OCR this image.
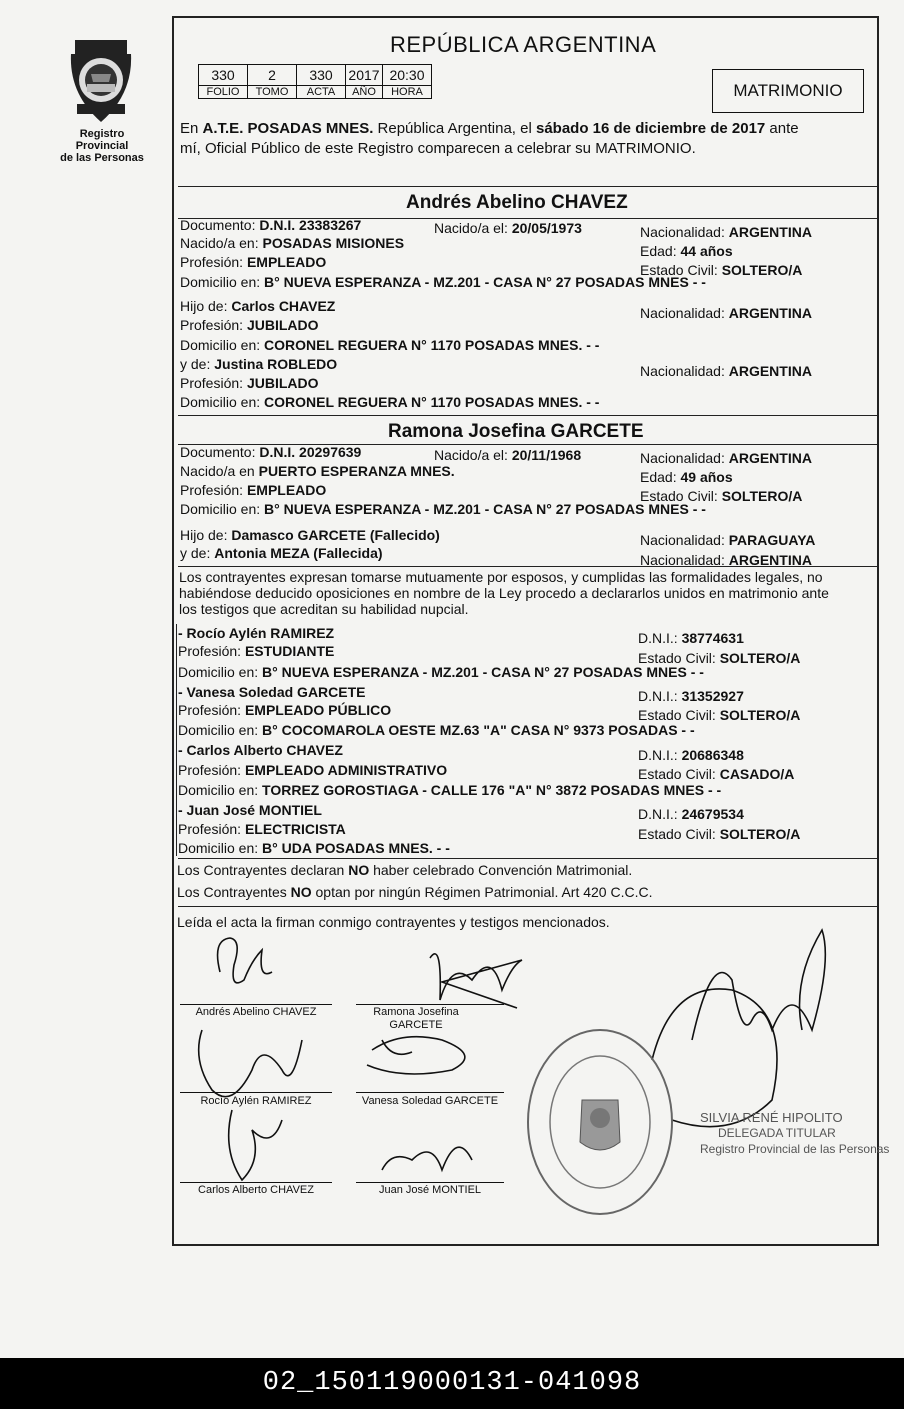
Registro Provincial
de las Personas
REPÚBLICA ARGENTINA
330	2	330	2017	20:30
FOLIO	TOMO	ACTA	AÑO	HORA	MATRIMONIO
En A.T.E. POSADAS MNES. República Argentina, el sábado 16 de diciembre de 2017 ante
mí, Oficial Público de este Registro comparecen a celebrar su MATRIMONIO.
Andrés Abelino CHAVEZ
Documento: D.N.I. 23383267	Nacido/a el: 20/05/1973	Nacionalidad: ARGENTINA
Nacido/a en: POSADAS MISIONES	Edad: 44 años
Profesión: EMPLEADO	Estado Civil: SOLTERO/A
Domicilio en: B° NUEVA ESPERANZA - MZ.201 - CASA N° 27 POSADAS MNES - -
Hijo de: Carlos CHAVEZ	Nacionalidad: ARGENTINA
Profesión: JUBILADO
Domicilio en: CORONEL REGUERA N° 1170 POSADAS MNES. - -
y de: Justina ROBLEDO	Nacionalidad: ARGENTINA
Profesión: JUBILADO
Domicilio en: CORONEL REGUERA N° 1170 POSADAS MNES. - -
Ramona Josefina GARCETE
Documento: D.N.I. 20297639	Nacido/a el: 20/11/1968	Nacionalidad: ARGENTINA
Nacido/a en PUERTO ESPERANZA MNES.	Edad: 49 años
Profesión: EMPLEADO	Estado Civil: SOLTERO/A
Domicilio en: B° NUEVA ESPERANZA - MZ.201 - CASA N° 27 POSADAS MNES - -
Hijo de: Damasco GARCETE (Fallecido)	Nacionalidad: PARAGUAYA
y de: Antonia MEZA (Fallecida)	Nacionalidad: ARGENTINA
Los contrayentes expresan tomarse mutuamente por esposos, y cumplidas las formalidades legales, no
habiéndose deducido oposiciones en nombre de la Ley procedo a declararlos unidos en matrimonio ante
los testigos que acreditan su habilidad nupcial.
- Rocío Aylén RAMIREZ	D.N.I.: 38774631
Profesión: ESTUDIANTE	Estado Civil: SOLTERO/A
Domicilio en: B° NUEVA ESPERANZA - MZ.201 - CASA N° 27 POSADAS MNES - -
- Vanesa Soledad GARCETE	D.N.I.: 31352927
Profesión: EMPLEADO PÚBLICO	Estado Civil: SOLTERO/A
Domicilio en: B° COCOMAROLA OESTE MZ.63 "A" CASA N° 9373 POSADAS - -
- Carlos Alberto CHAVEZ	D.N.I.: 20686348
Profesión: EMPLEADO ADMINISTRATIVO	Estado Civil: CASADO/A
Domicilio en: TORREZ GOROSTIAGA - CALLE 176 "A" N° 3872 POSADAS MNES - -
- Juan José MONTIEL	D.N.I.: 24679534
Profesión: ELECTRICISTA	Estado Civil: SOLTERO/A
Domicilio en: B° UDA POSADAS MNES. - -
Los Contrayentes declaran NO haber celebrado Convención Matrimonial.
Los Contrayentes NO optan por ningún Régimen Patrimonial. Art 420 C.C.C.
Leída el acta la firman conmigo contrayentes y testigos mencionados.
Andrés Abelino CHAVEZ	Ramona Josefina
GARCETE
Rocío Aylén RAMIREZ	Vanesa Soledad GARCETE
Carlos Alberto CHAVEZ	Juan José MONTIEL
SILVIA RENÉ HIPOLITO
DELEGADA TITULAR
Registro Provincial de las Personas
02_150119000131-041098
